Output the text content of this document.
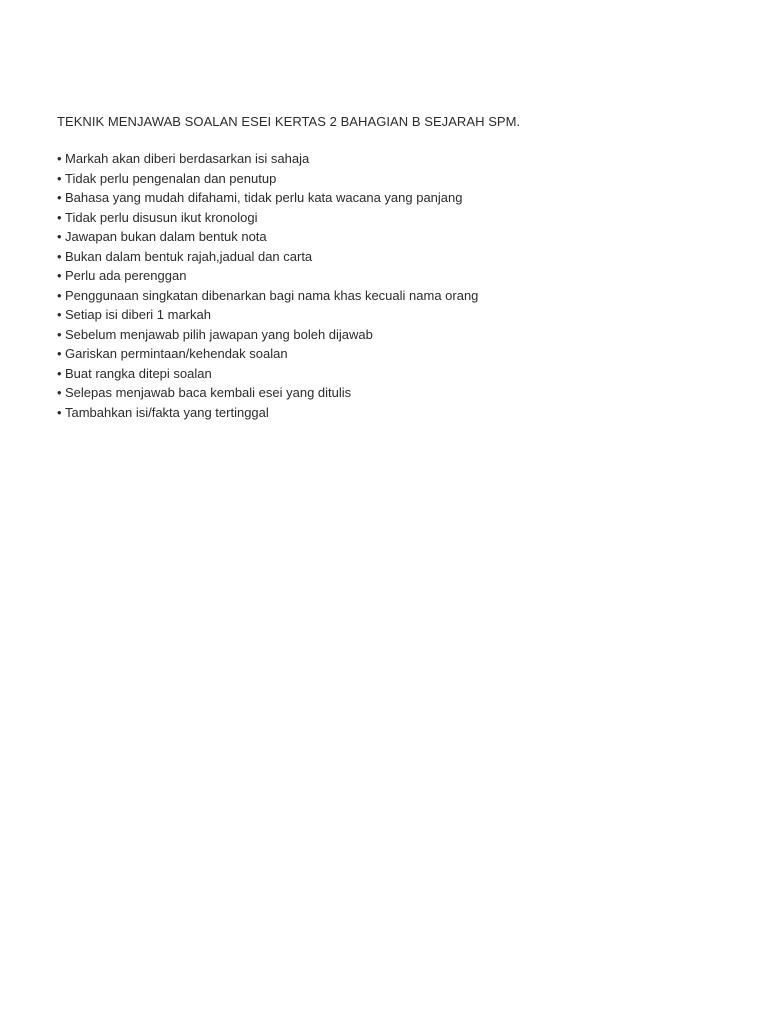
TEKNIK MENJAWAB SOALAN ESEI KERTAS 2 BAHAGIAN B SEJARAH SPM.

• Markah akan diberi berdasarkan isi sahaja
• Tidak perlu pengenalan dan penutup
• Bahasa yang mudah difahami, tidak perlu kata wacana yang panjang
• Tidak perlu disusun ikut kronologi
• Jawapan bukan dalam bentuk nota
• Bukan dalam bentuk rajah,jadual dan carta
• Perlu ada perenggan
• Penggunaan singkatan dibenarkan bagi nama khas kecuali nama orang
• Setiap isi diberi 1 markah
• Sebelum menjawab pilih jawapan yang boleh dijawab
• Gariskan permintaan/kehendak soalan
• Buat rangka ditepi soalan
• Selepas menjawab baca kembali esei yang ditulis
• Tambahkan isi/fakta yang tertinggal
